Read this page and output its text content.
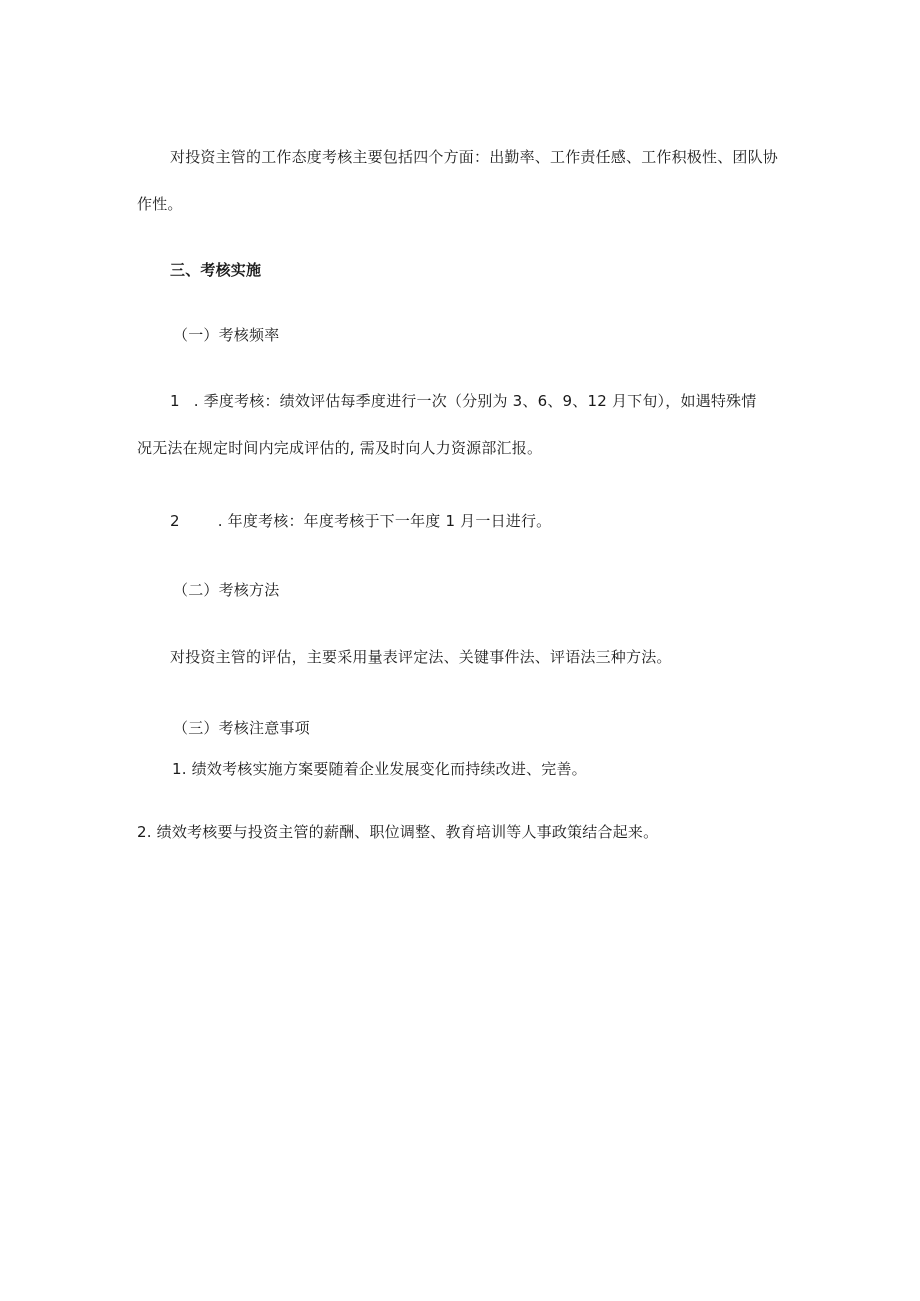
对投资主管的工作态度考核主要包括四个方面：出勤率、工作责任感、工作积极性、团队协
作性。
三、考核实施
（一）考核频率
1 . 季度考核：绩效评估每季度进行一次（分别为 3、6、9、12 月下旬），如遇特殊情
况无法在规定时间内完成评估的, 需及时向人力资源部汇报。
2	. 年度考核：年度考核于下一年度 1 月一日进行。
（二）考核方法
对投资主管的评估，主要采用量表评定法、关键事件法、评语法三种方法。
（三）考核注意事项
1. 绩效考核实施方案要随着企业发展变化而持续改进、完善。
2. 绩效考核要与投资主管的薪酬、职位调整、教育培训等人事政策结合起来。
